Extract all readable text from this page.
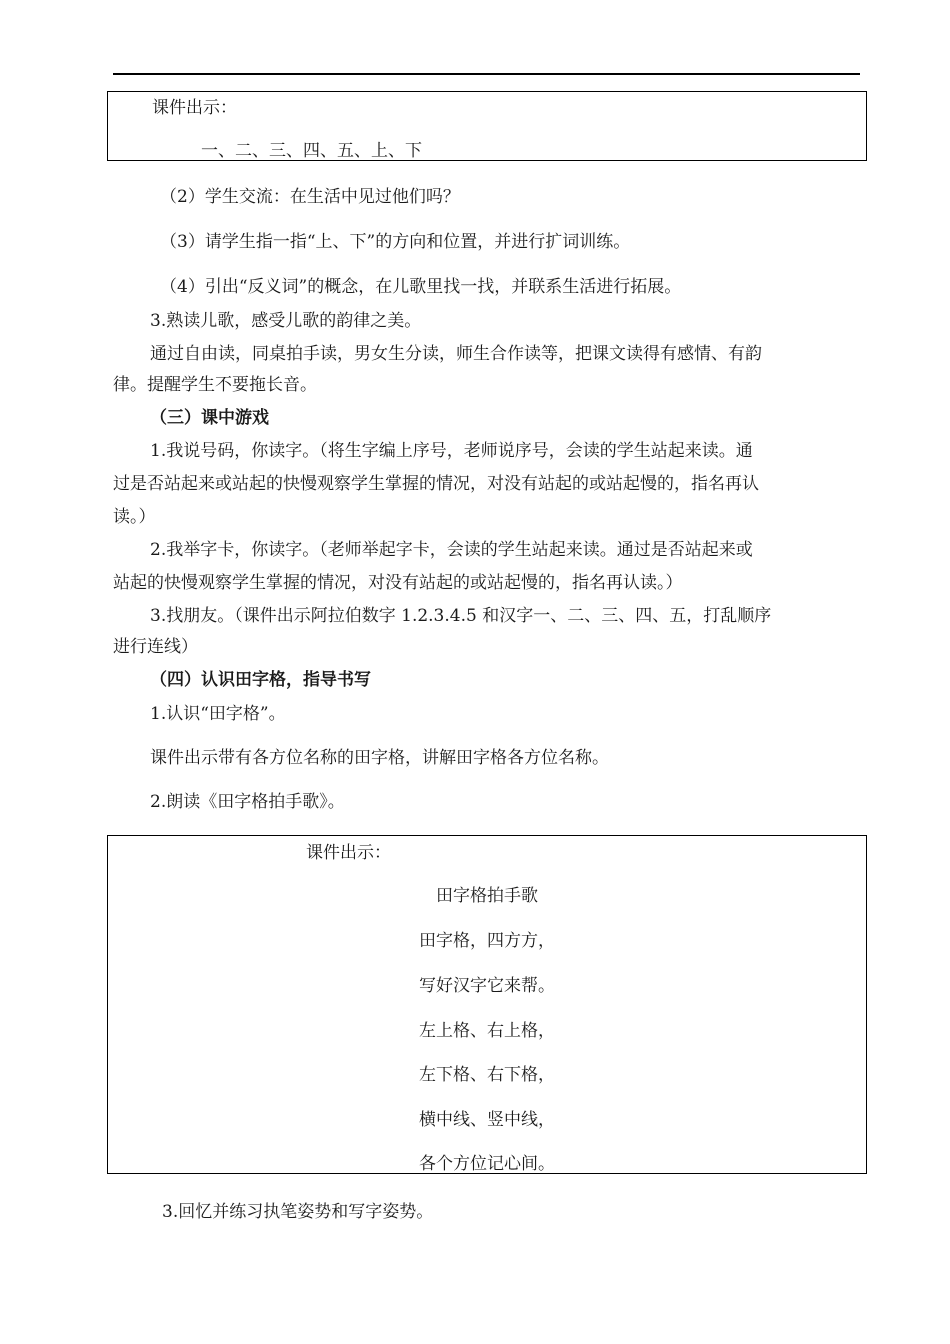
课件出示：
一、二、三、四、五、上、下
（2）学生交流：在生活中见过他们吗？
（3）请学生指一指“上、下”的方向和位置，并进行扩词训练。
（4）引出“反义词”的概念，在儿歌里找一找，并联系生活进行拓展。
3.熟读儿歌，感受儿歌的韵律之美。
通过自由读，同桌拍手读，男女生分读，师生合作读等，把课文读得有感情、有韵
律。提醒学生不要拖长音。
（三）课中游戏
1.我说号码，你读字。（将生字编上序号，老师说序号，会读的学生站起来读。通
过是否站起来或站起的快慢观察学生掌握的情况，对没有站起的或站起慢的，指名再认
读。）
2.我举字卡，你读字。（老师举起字卡，会读的学生站起来读。通过是否站起来或
站起的快慢观察学生掌握的情况，对没有站起的或站起慢的，指名再认读。）
3.找朋友。（课件出示阿拉伯数字 1.2.3.4.5 和汉字一、二、三、四、五，打乱顺序
进行连线）
（四）认识田字格，指导书写
1.认识“田字格”。
课件出示带有各方位名称的田字格，讲解田字格各方位名称。
2.朗读《田字格拍手歌》。
课件出示：
田字格拍手歌
田字格，四方方，
写好汉字它来帮。
左上格、右上格，
左下格、右下格，
横中线、竖中线，
各个方位记心间。
3.回忆并练习执笔姿势和写字姿势。
